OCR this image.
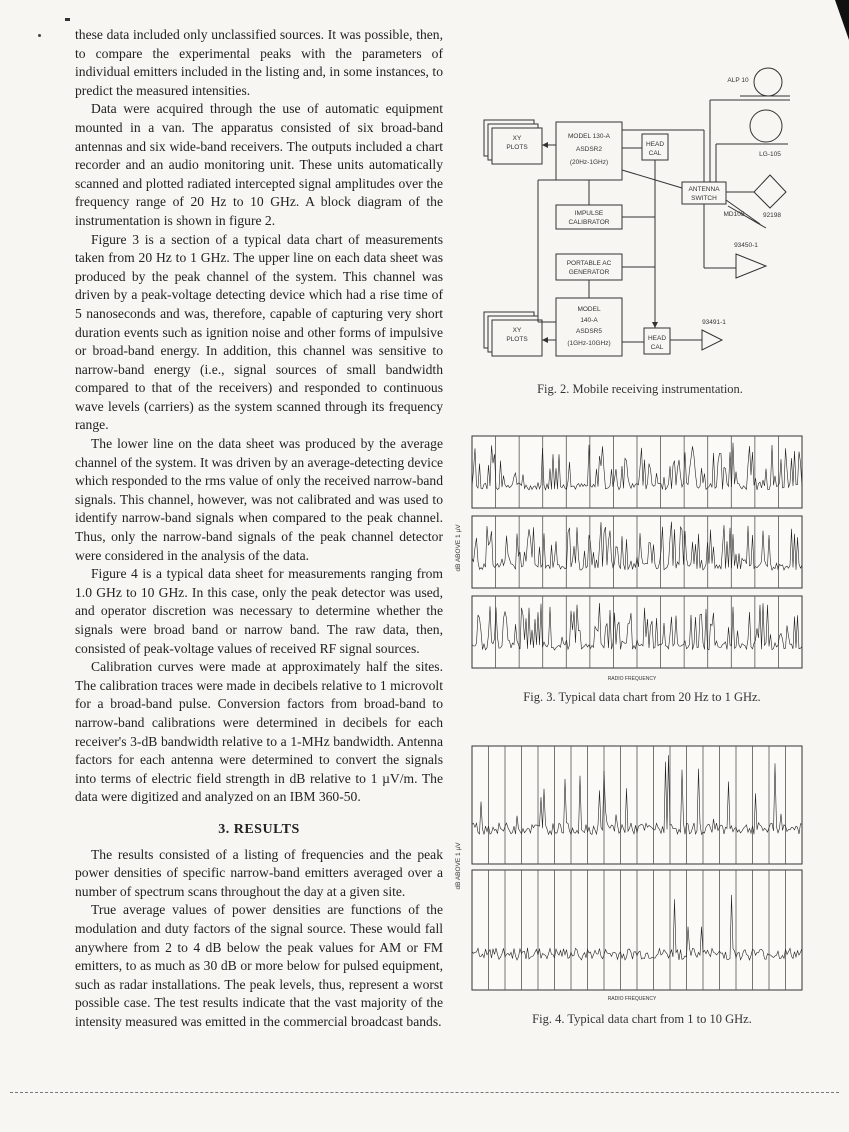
these data included only unclassified sources. It was possible, then, to compare the experimental peaks with the parameters of individual emitters included in the listing and, in some instances, to predict the measured intensities.

Data were acquired through the use of automatic equipment mounted in a van. The apparatus consisted of six broad-band antennas and six wide-band receivers. The outputs included a chart recorder and an audio monitoring unit. These units automatically scanned and plotted radiated intercepted signal amplitudes over the frequency range of 20 Hz to 10 GHz. A block diagram of the instrumentation is shown in figure 2.

Figure 3 is a section of a typical data chart of measurements taken from 20 Hz to 1 GHz. The upper line on each data sheet was produced by the peak channel of the system. This channel was driven by a peak-voltage detecting device which had a rise time of 5 nanoseconds and was, therefore, capable of capturing very short duration events such as ignition noise and other forms of impulsive or broad-band energy. In addition, this channel was sensitive to narrow-band energy (i.e., signal sources of small bandwidth compared to that of the receivers) and responded to continuous wave levels (carriers) as the system scanned through its frequency range.

The lower line on the data sheet was produced by the average channel of the system. It was driven by an average-detecting device which responded to the rms value of only the received narrow-band signals. This channel, however, was not calibrated and was used to identify narrow-band signals when compared to the peak channel. Thus, only the narrow-band signals of the peak channel detector were considered in the analysis of the data.

Figure 4 is a typical data sheet for measurements ranging from 1.0 GHz to 10 GHz. In this case, only the peak detector was used, and operator discretion was necessary to determine whether the signals were broad band or narrow band. The raw data, then, consisted of peak-voltage values of received RF signal sources.

Calibration curves were made at approximately half the sites. The calibration traces were made in decibels relative to 1 microvolt for a broad-band pulse. Conversion factors from broad-band to narrow-band calibrations were determined in decibels for each receiver's 3-dB bandwidth relative to a 1-MHz bandwidth. Antenna factors for each antenna were determined to convert the signals into terms of electric field strength in dB relative to 1 µV/m. The data were digitized and analyzed on an IBM 360-50.

3. RESULTS

The results consisted of a listing of frequencies and the peak power densities of specific narrow-band emitters averaged over a number of spectrum scans throughout the day at a given site.

True average values of power densities are functions of the modulation and duty factors of the signal source. These would fall anywhere from 2 to 4 dB below the peak values for AM or FM emitters, to as much as 30 dB or more below for pulsed equipment, such as radar installations. The peak levels, thus, represent a worst possible case. The test results indicate that the vast majority of the intensity measured was emitted in the commercial broadcast bands.

XY
PLOTS
MODEL 130-A
ASDSR2
(20Hz-1GHz)
HEAD
CAL
IMPULSE
CALIBRATOR
PORTABLE AC
GENERATOR
MODEL
140-A
ASDSR5
(1GHz-10GHz)
XY
PLOTS	HEAD
CAL
ANTENNA
SWITCH
ALP 10
LG-105
MD105	92198
93450-1
93491-1
Fig. 2. Mobile receiving instrumentation.
dB ABOVE 1 µV
RADIO FREQUENCY
Fig. 3. Typical data chart from 20 Hz to 1 GHz.
dB ABOVE 1 µV
RADIO FREQUENCY
Fig. 4. Typical data chart from 1 to 10 GHz.
